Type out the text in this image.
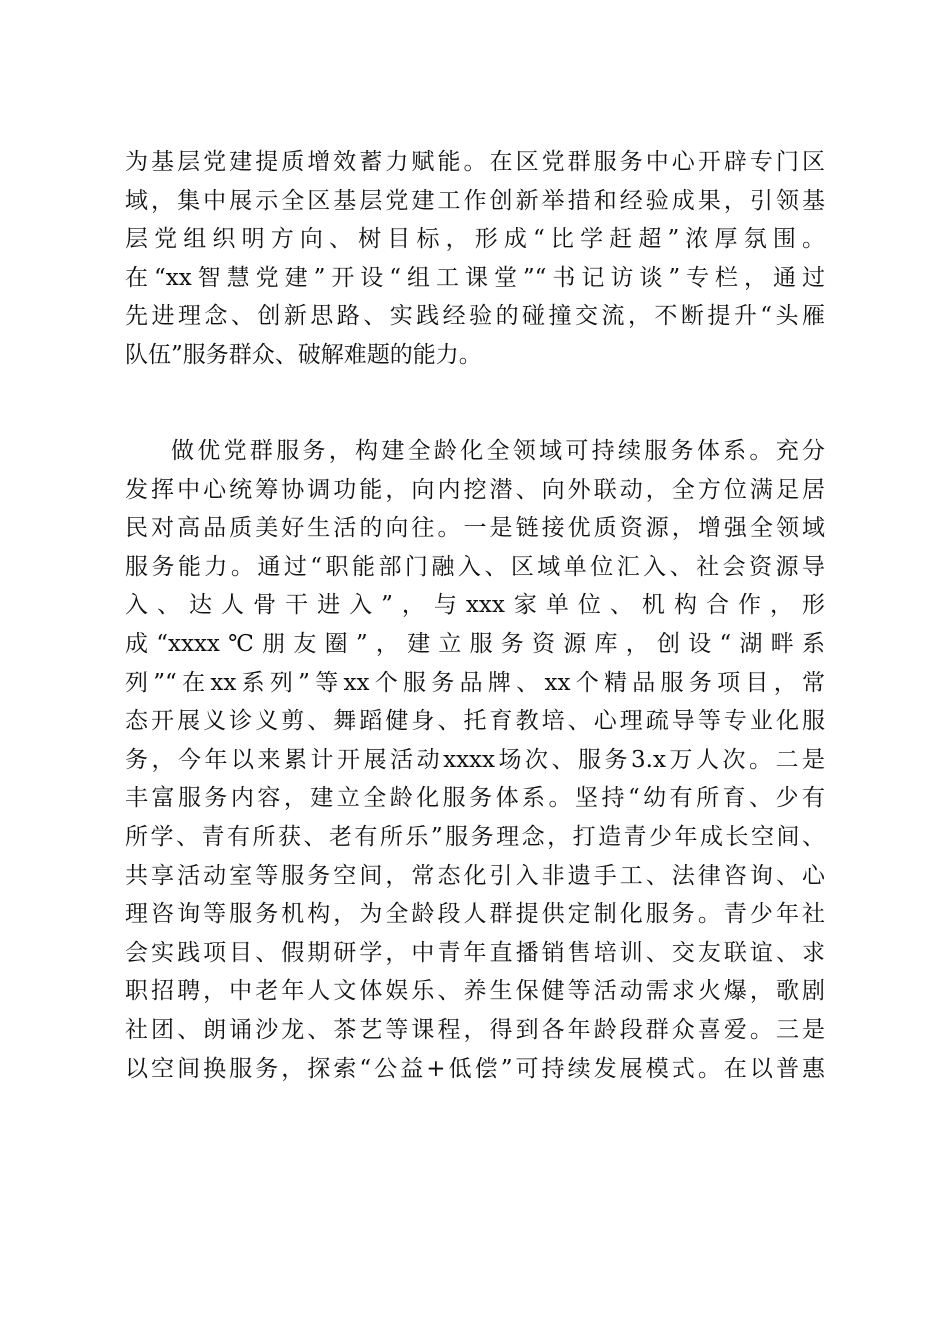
为基层党建提质增效蓄力赋能。在区党群服务中心开辟专门区
域，集中展示全区基层党建工作创新举措和经验成果，引领基
层党组织明方向、树目标，形成“比学赶超”浓厚氛围。
在“xx智慧党建”开设“组工课堂”“书记访谈”专栏，通过
先进理念、创新思路、实践经验的碰撞交流，不断提升“头雁
队伍”服务群众、破解难题的能力。
做优党群服务，构建全龄化全领域可持续服务体系。充分
发挥中心统筹协调功能，向内挖潜、向外联动，全方位满足居
民对高品质美好生活的向往。一是链接优质资源，增强全领域
服务能力。通过“职能部门融入、区域单位汇入、社会资源导
入、达人骨干进入”，与xxx家单位、机构合作，形
成“xxxx℃朋友圈”，建立服务资源库，创设“湖畔系
列”“在xx系列”等xx个服务品牌、xx个精品服务项目，常
态开展义诊义剪、舞蹈健身、托育教培、心理疏导等专业化服
务，今年以来累计开展活动xxxx场次、服务3.x万人次。二是
丰富服务内容，建立全龄化服务体系。坚持“幼有所育、少有
所学、青有所获、老有所乐”服务理念，打造青少年成长空间、
共享活动室等服务空间，常态化引入非遗手工、法律咨询、心
理咨询等服务机构，为全龄段人群提供定制化服务。青少年社
会实践项目、假期研学，中青年直播销售培训、交友联谊、求
职招聘，中老年人文体娱乐、养生保健等活动需求火爆，歌剧
社团、朗诵沙龙、茶艺等课程，得到各年龄段群众喜爱。三是
以空间换服务，探索“公益+低偿”可持续发展模式。在以普惠
